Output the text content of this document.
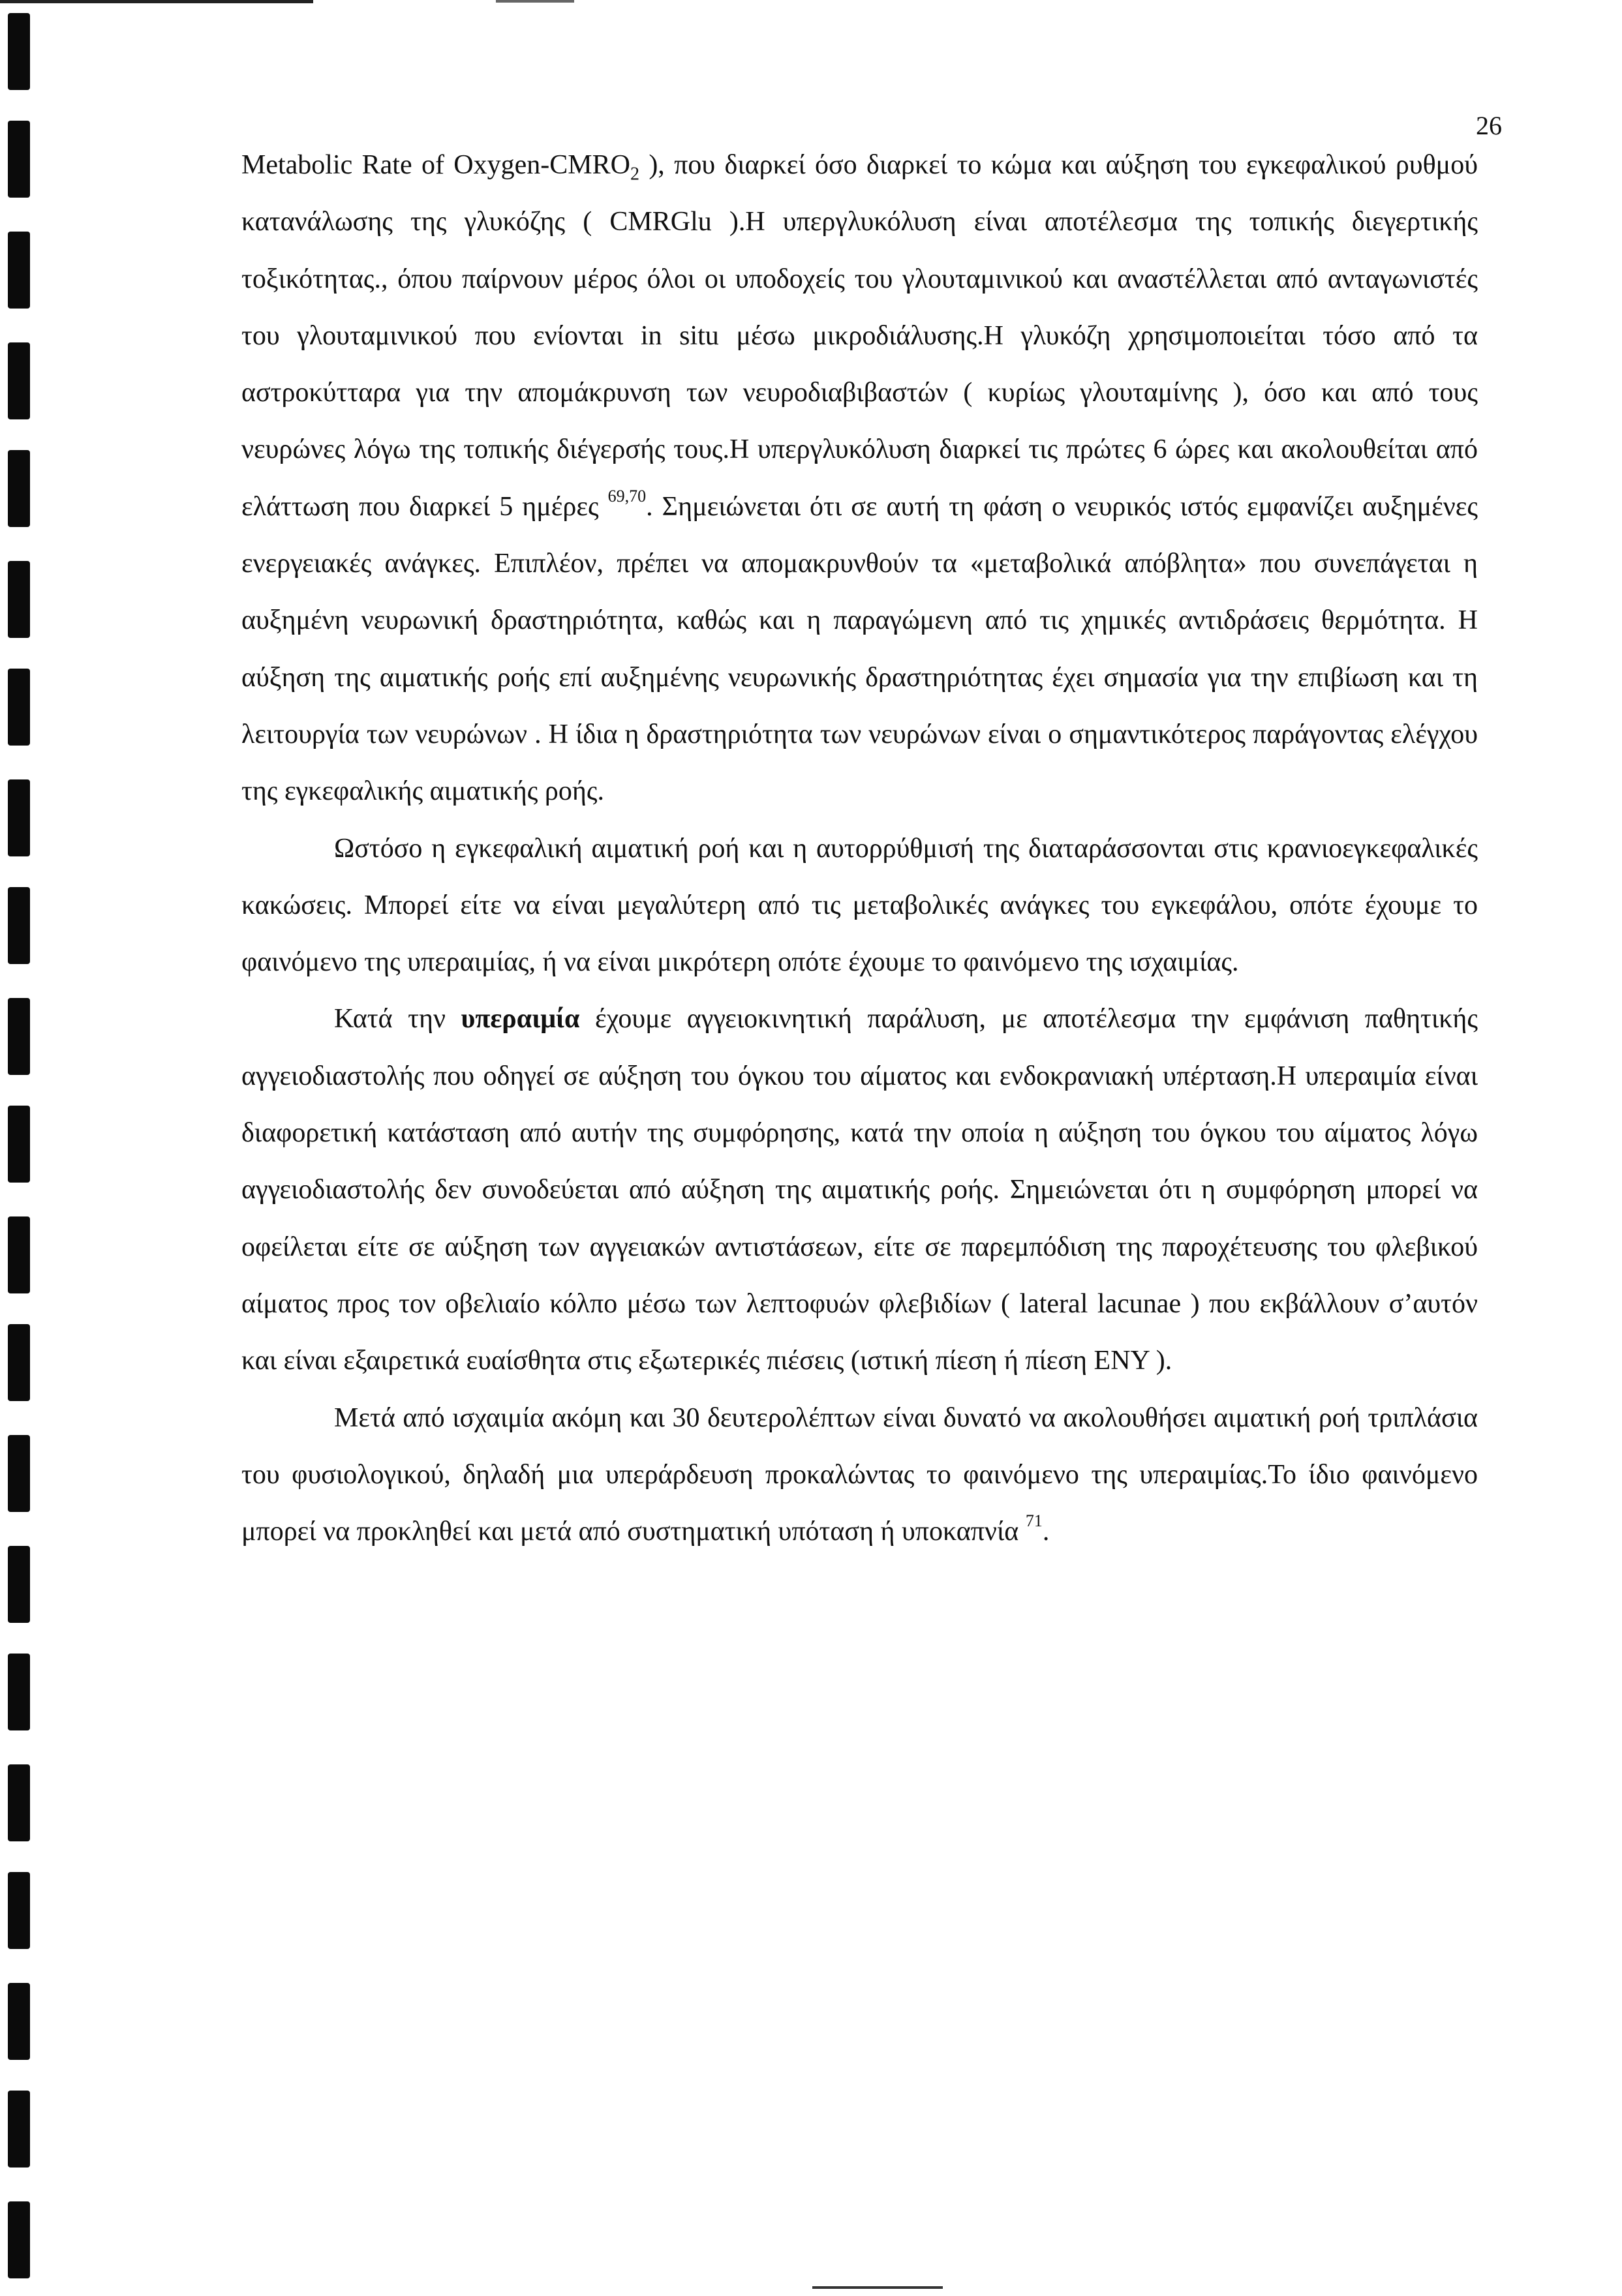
26

Metabolic Rate of Oxygen-$CMRO_2$ ), που διαρκεί όσο διαρκεί το κώμα και αύξηση του εγκεφαλικού ρυθμού κατανάλωσης της γλυκόζης ( CMRGlu ).Η υπεργλυκόλυση είναι αποτέλεσμα της τοπικής διεγερτικής τοξικότητας., όπου παίρνουν μέρος όλοι οι υποδοχείς του γλουταμινικού και αναστέλλεται από ανταγωνιστές του γλουταμινικού που ενίονται in situ μέσω μικροδιάλυσης.Η γλυκόζη χρησιμοποιείται τόσο από τα αστροκύτταρα για την απομάκρυνση των νευροδιαβιβαστών ( κυρίως γλουταμίνης ), όσο και από τους νευρώνες λόγω της τοπικής διέγερσής τους.Η υπεργλυκόλυση διαρκεί τις πρώτες 6 ώρες και ακολουθείται από ελάττωση που διαρκεί 5 ημέρες $^{69,70}$. Σημειώνεται ότι σε αυτή τη φάση ο νευρικός ιστός εμφανίζει αυξημένες ενεργειακές ανάγκες. Επιπλέον, πρέπει να απομακρυνθούν τα «μεταβολικά απόβλητα» που συνεπάγεται η αυξημένη νευρωνική δραστηριότητα, καθώς και η παραγώμενη από τις χημικές αντιδράσεις θερμότητα. Η αύξηση της αιματικής ροής επί αυξημένης νευρωνικής δραστηριότητας έχει σημασία για την επιβίωση και τη λειτουργία των νευρώνων . Η ίδια η δραστηριότητα των νευρώνων είναι ο σημαντικότερος παράγοντας ελέγχου της εγκεφαλικής αιματικής ροής.

Ωστόσο η εγκεφαλική αιματική ροή και η αυτορρύθμισή της διαταράσσονται στις κρανιοεγκεφαλικές κακώσεις. Μπορεί είτε να είναι μεγαλύτερη από τις μεταβολικές ανάγκες του εγκεφάλου, οπότε έχουμε το φαινόμενο της υπεραιμίας, ή να είναι μικρότερη οπότε έχουμε το φαινόμενο της ισχαιμίας.

Κατά την υπεραιμία έχουμε αγγειοκινητική παράλυση, με αποτέλεσμα την εμφάνιση παθητικής αγγειοδιαστολής που οδηγεί σε αύξηση του όγκου του αίματος και ενδοκρανιακή υπέρταση.Η υπεραιμία είναι διαφορετική κατάσταση από αυτήν της συμφόρησης, κατά την οποία η αύξηση του όγκου του αίματος λόγω αγγειοδιαστολής δεν συνοδεύεται από αύξηση της αιματικής ροής. Σημειώνεται ότι η συμφόρηση μπορεί να οφείλεται είτε σε αύξηση των αγγειακών αντιστάσεων, είτε σε παρεμπόδιση της παροχέτευσης του φλεβικού αίματος προς τον οβελιαίο κόλπο μέσω των λεπτοφυών φλεβιδίων ( lateral lacunae ) που εκβάλλουν σ’αυτόν και είναι εξαιρετικά ευαίσθητα στις εξωτερικές πιέσεις (ιστική πίεση ή πίεση ΕΝΥ ).

Μετά από ισχαιμία ακόμη και 30 δευτερολέπτων είναι δυνατό να ακολουθήσει αιματική ροή τριπλάσια του φυσιολογικού, δηλαδή μια υπεράρδευση προκαλώντας το φαινόμενο της υπεραιμίας.Το ίδιο φαινόμενο μπορεί να προκληθεί και μετά από συστηματική υπόταση ή υποκαπνία $^{71}$.
